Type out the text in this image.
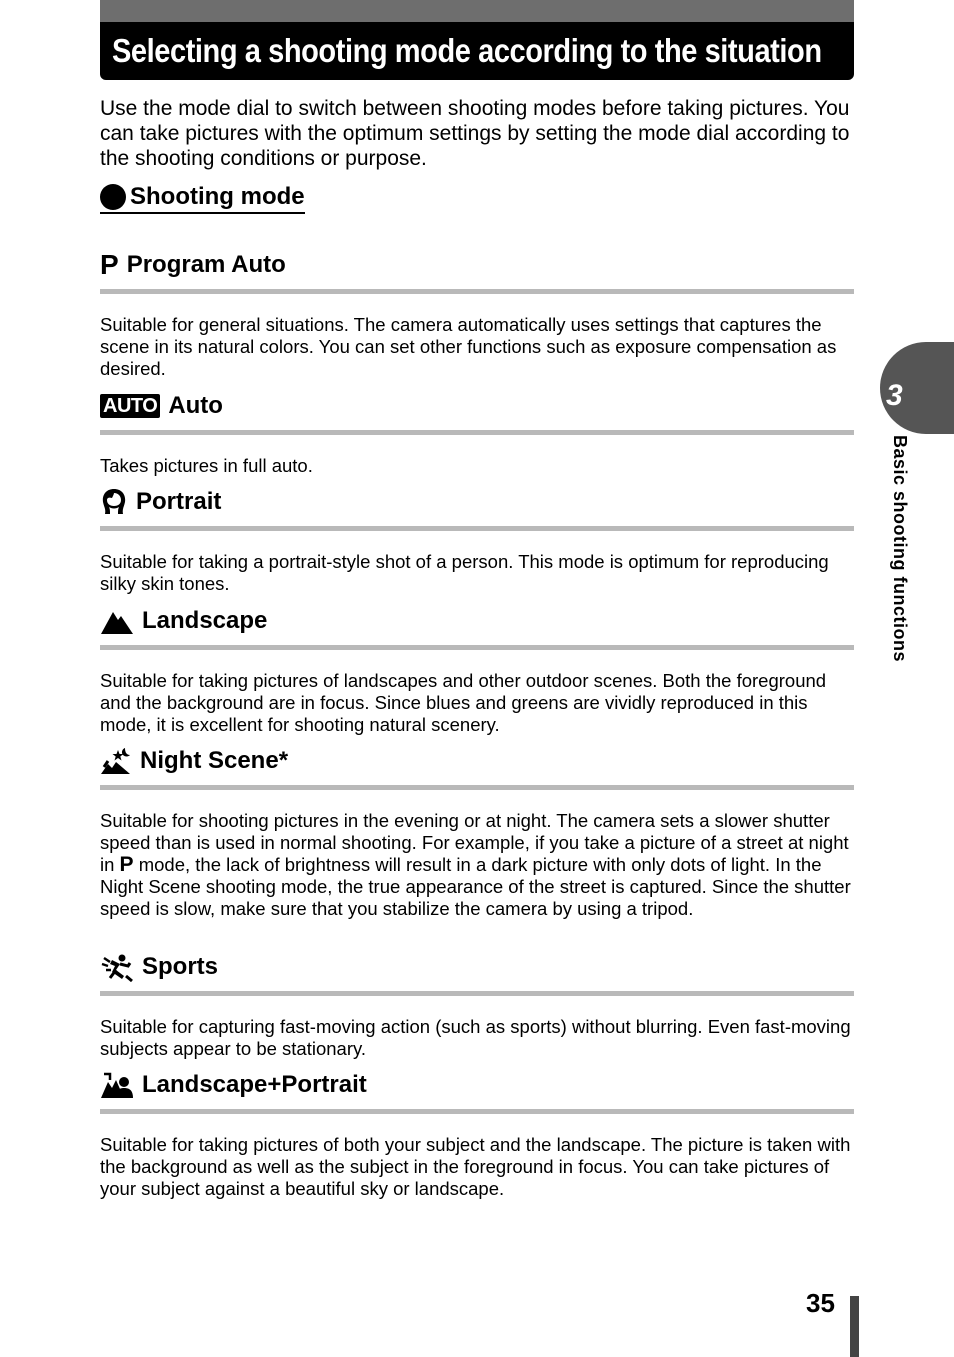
Selecting a shooting mode according to the situation

Use the mode dial to switch between shooting modes before taking pictures. You can take pictures with the optimum settings by setting the mode dial according to the shooting conditions or purpose.

Shooting mode
P Program Auto

Suitable for general situations. The camera automatically uses settings that captures the scene in its natural colors. You can set other functions such as exposure compensation as desired.

AUTO Auto

Takes pictures in full auto.

Portrait

Suitable for taking a portrait-style shot of a person. This mode is optimum for reproducing silky skin tones.

Landscape

Suitable for taking pictures of landscapes and other outdoor scenes. Both the foreground and the background are in focus. Since blues and greens are vividly reproduced in this mode, it is excellent for shooting natural scenery.

Night Scene*

Suitable for shooting pictures in the evening or at night. The camera sets a slower shutter speed than is used in normal shooting. For example, if you take a picture of a street at night in P mode, the lack of brightness will result in a dark picture with only dots of light. In the Night Scene shooting mode, the true appearance of the street is captured. Since the shutter speed is slow, make sure that you stabilize the camera by using a tripod.

Sports

Suitable for capturing fast-moving action (such as sports) without blurring. Even fast-moving subjects appear to be stationary.

Landscape+Portrait

Suitable for taking pictures of both your subject and the landscape. The picture is taken with the background as well as the subject in the foreground in focus. You can take pictures of your subject against a beautiful sky or landscape.

3
Basic shooting functions
35
